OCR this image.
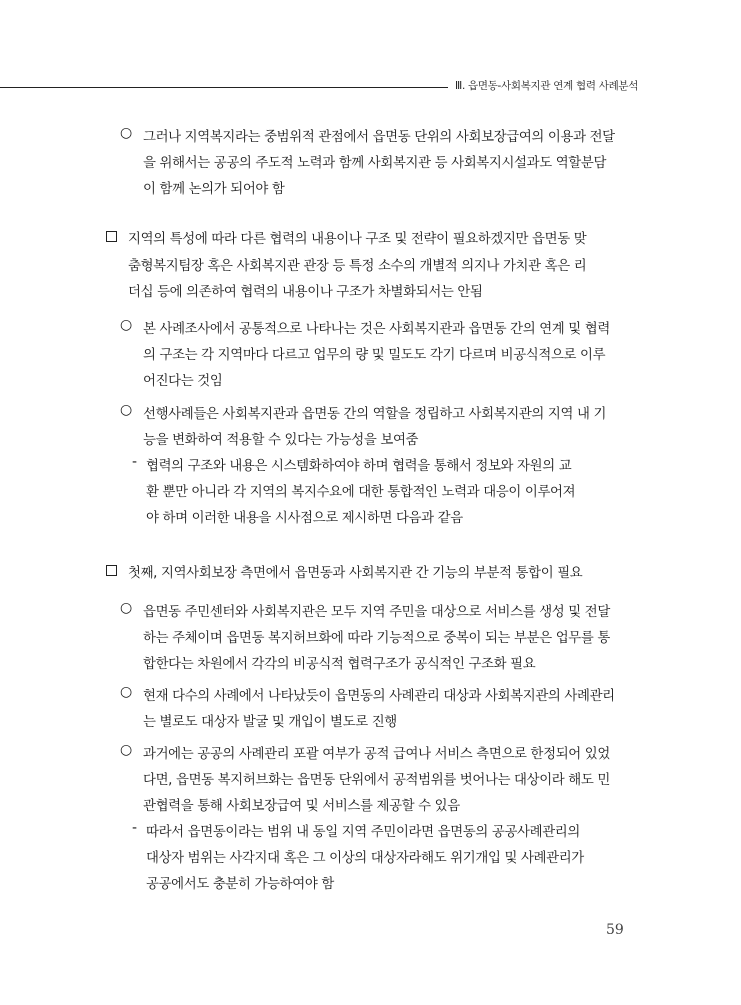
Ⅲ. 읍면동-사회복지관 연계 협력 사례분석
○ 그러나 지역복지라는 중범위적 관점에서 읍면동 단위의 사회보장급여의 이용과 전달
을 위해서는 공공의 주도적 노력과 함께 사회복지관 등 사회복지시설과도 역할분담
이 함께 논의가 되어야 함
지역의 특성에 따라 다른 협력의 내용이나 구조 및 전략이 필요하겠지만 읍면동 맞
춤형복지팀장 혹은 사회복지관 관장 등 특정 소수의 개별적 의지나 가치관 혹은 리
더십 등에 의존하여 협력의 내용이나 구조가 차별화되서는 안됨
○ 본 사례조사에서 공통적으로 나타나는 것은 사회복지관과 읍면동 간의 연계 및 협력
의 구조는 각 지역마다 다르고 업무의 량 및 밀도도 각기 다르며 비공식적으로 이루
어진다는 것임
○ 선행사례들은 사회복지관과 읍면동 간의 역할을 정립하고 사회복지관의 지역 내 기
능을 변화하여 적용할 수 있다는 가능성을 보여줌
- 협력의 구조와 내용은 시스템화하여야 하며 협력을 통해서 정보와 자원의 교
환 뿐만 아니라 각 지역의 복지수요에 대한 통합적인 노력과 대응이 이루어져
야 하며 이러한 내용을 시사점으로 제시하면 다음과 같음
첫째, 지역사회보장 측면에서 읍면동과 사회복지관 간 기능의 부분적 통합이 필요
○ 읍면동 주민센터와 사회복지관은 모두 지역 주민을 대상으로 서비스를 생성 및 전달
하는 주체이며 읍면동 복지허브화에 따라 기능적으로 중복이 되는 부분은 업무를 통
합한다는 차원에서 각각의 비공식적 협력구조가 공식적인 구조화 필요
○ 현재 다수의 사례에서 나타났듯이 읍면동의 사례관리 대상과 사회복지관의 사례관리
는 별로도 대상자 발굴 및 개입이 별도로 진행
○ 과거에는 공공의 사례관리 포괄 여부가 공적 급여나 서비스 측면으로 한정되어 있었
다면, 읍면동 복지허브화는 읍면동 단위에서 공적범위를 벗어나는 대상이라 해도 민
관협력을 통해 사회보장급여 및 서비스를 제공할 수 있음
- 따라서 읍면동이라는 범위 내 동일 지역 주민이라면 읍면동의 공공사례관리의
대상자 범위는 사각지대 혹은 그 이상의 대상자라해도 위기개입 및 사례관리가
공공에서도 충분히 가능하여야 함
59
